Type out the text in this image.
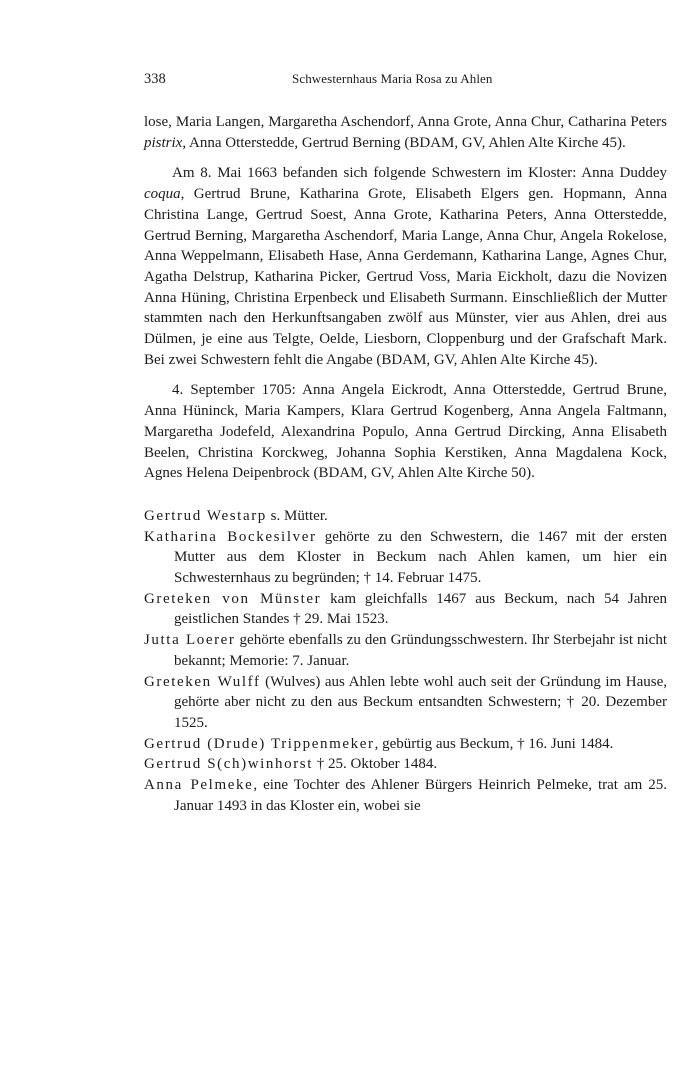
338	Schwesternhaus Maria Rosa zu Ahlen

lose, Maria Langen, Margaretha Aschendorf, Anna Grote, Anna Chur, Catharina Peters pistrix, Anna Otterstedde, Gertrud Berning (BDAM, GV, Ahlen Alte Kirche 45).

Am 8. Mai 1663 befanden sich folgende Schwestern im Kloster: Anna Duddey coqua, Gertrud Brune, Katharina Grote, Elisabeth Elgers gen. Hopmann, Anna Christina Lange, Gertrud Soest, Anna Grote, Katharina Peters, Anna Otterstedde, Gertrud Berning, Margaretha Aschendorf, Maria Lange, Anna Chur, Angela Rokelose, Anna Weppelmann, Elisabeth Hase, Anna Gerdemann, Katharina Lange, Agnes Chur, Agatha Delstrup, Katharina Picker, Gertrud Voss, Maria Eickholt, dazu die Novizen Anna Hüning, Christina Erpenbeck und Elisabeth Surmann. Einschließlich der Mutter stammten nach den Herkunftsangaben zwölf aus Münster, vier aus Ahlen, drei aus Dülmen, je eine aus Telgte, Oelde, Liesborn, Cloppenburg und der Grafschaft Mark. Bei zwei Schwestern fehlt die Angabe (BDAM, GV, Ahlen Alte Kirche 45).

4. September 1705: Anna Angela Eickrodt, Anna Otterstedde, Gertrud Brune, Anna Hüninck, Maria Kampers, Klara Gertrud Kogenberg, Anna Angela Faltmann, Margaretha Jodefeld, Alexandrina Populo, Anna Gertrud Dircking, Anna Elisabeth Beelen, Christina Korckweg, Johanna Sophia Kerstiken, Anna Magdalena Kock, Agnes Helena Deipenbrock (BDAM, GV, Ahlen Alte Kirche 50).

Gertrud Westarp s. Mütter.
Katharina Bockesilver gehörte zu den Schwestern, die 1467 mit der ersten Mutter aus dem Kloster in Beckum nach Ahlen kamen, um hier ein Schwesternhaus zu begründen; † 14. Februar 1475.
Greteken von Münster kam gleichfalls 1467 aus Beckum, nach 54 Jahren geistlichen Standes † 29. Mai 1523.
Jutta Loerer gehörte ebenfalls zu den Gründungsschwestern. Ihr Sterbejahr ist nicht bekannt; Memorie: 7. Januar.
Greteken Wulff (Wulves) aus Ahlen lebte wohl auch seit der Gründung im Hause, gehörte aber nicht zu den aus Beckum entsandten Schwestern; † 20. Dezember 1525.
Gertrud (Drude) Trippenmeker, gebürtig aus Beckum, † 16. Juni 1484.
Gertrud S(ch)winhorst † 25. Oktober 1484.
Anna Pelmeke, eine Tochter des Ahlener Bürgers Heinrich Pelmeke, trat am 25. Januar 1493 in das Kloster ein, wobei sie
